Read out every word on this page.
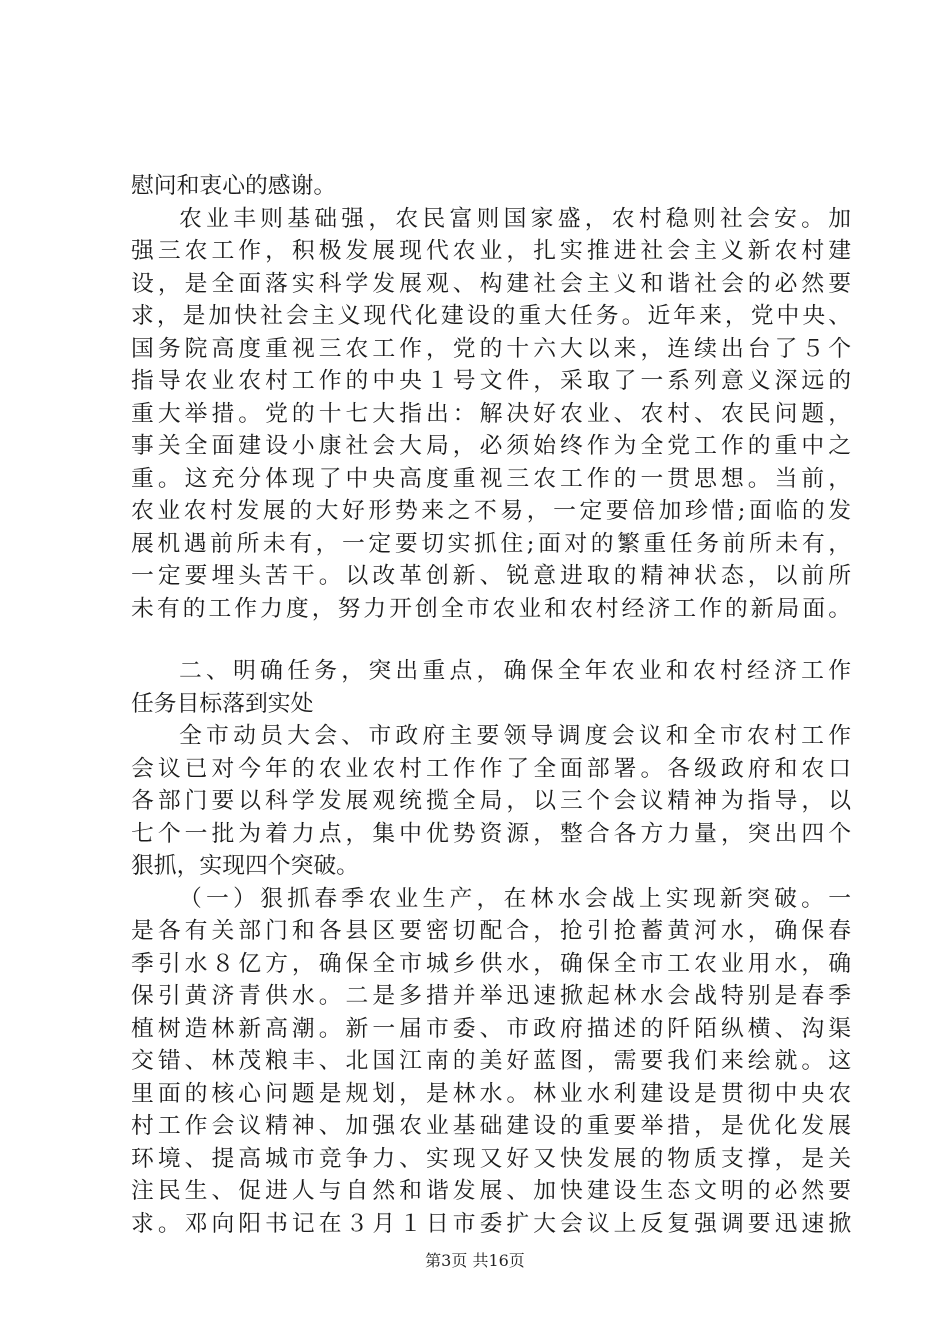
慰问和衷心的感谢。
农业丰则基础强，农民富则国家盛，农村稳则社会安。加
强三农工作，积极发展现代农业，扎实推进社会主义新农村建
设，是全面落实科学发展观、构建社会主义和谐社会的必然要
求，是加快社会主义现代化建设的重大任务。近年来，党中央、
国务院高度重视三农工作，党的十六大以来，连续出台了５个
指导农业农村工作的中央１号文件，采取了一系列意义深远的
重大举措。党的十七大指出：解决好农业、农村、农民问题，
事关全面建设小康社会大局，必须始终作为全党工作的重中之
重。这充分体现了中央高度重视三农工作的一贯思想。当前，
农业农村发展的大好形势来之不易，一定要倍加珍惜;面临的发
展机遇前所未有，一定要切实抓住;面对的繁重任务前所未有，
一定要埋头苦干。以改革创新、锐意进取的精神状态，以前所
未有的工作力度，努力开创全市农业和农村经济工作的新局面。
二、明确任务，突出重点，确保全年农业和农村经济工作
任务目标落到实处
全市动员大会、市政府主要领导调度会议和全市农村工作
会议已对今年的农业农村工作作了全面部署。各级政府和农口
各部门要以科学发展观统揽全局，以三个会议精神为指导，以
七个一批为着力点，集中优势资源，整合各方力量，突出四个
狠抓，实现四个突破。
（一）狠抓春季农业生产，在林水会战上实现新突破。一
是各有关部门和各县区要密切配合，抢引抢蓄黄河水，确保春
季引水８亿方，确保全市城乡供水，确保全市工农业用水，确
保引黄济青供水。二是多措并举迅速掀起林水会战特别是春季
植树造林新高潮。新一届市委、市政府描述的阡陌纵横、沟渠
交错、林茂粮丰、北国江南的美好蓝图，需要我们来绘就。这
里面的核心问题是规划，是林水。林业水利建设是贯彻中央农
村工作会议精神、加强农业基础建设的重要举措，是优化发展
环境、提高城市竞争力、实现又好又快发展的物质支撑，是关
注民生、促进人与自然和谐发展、加快建设生态文明的必然要
求。邓向阳书记在３月１日市委扩大会议上反复强调要迅速掀
第3页 共16页
